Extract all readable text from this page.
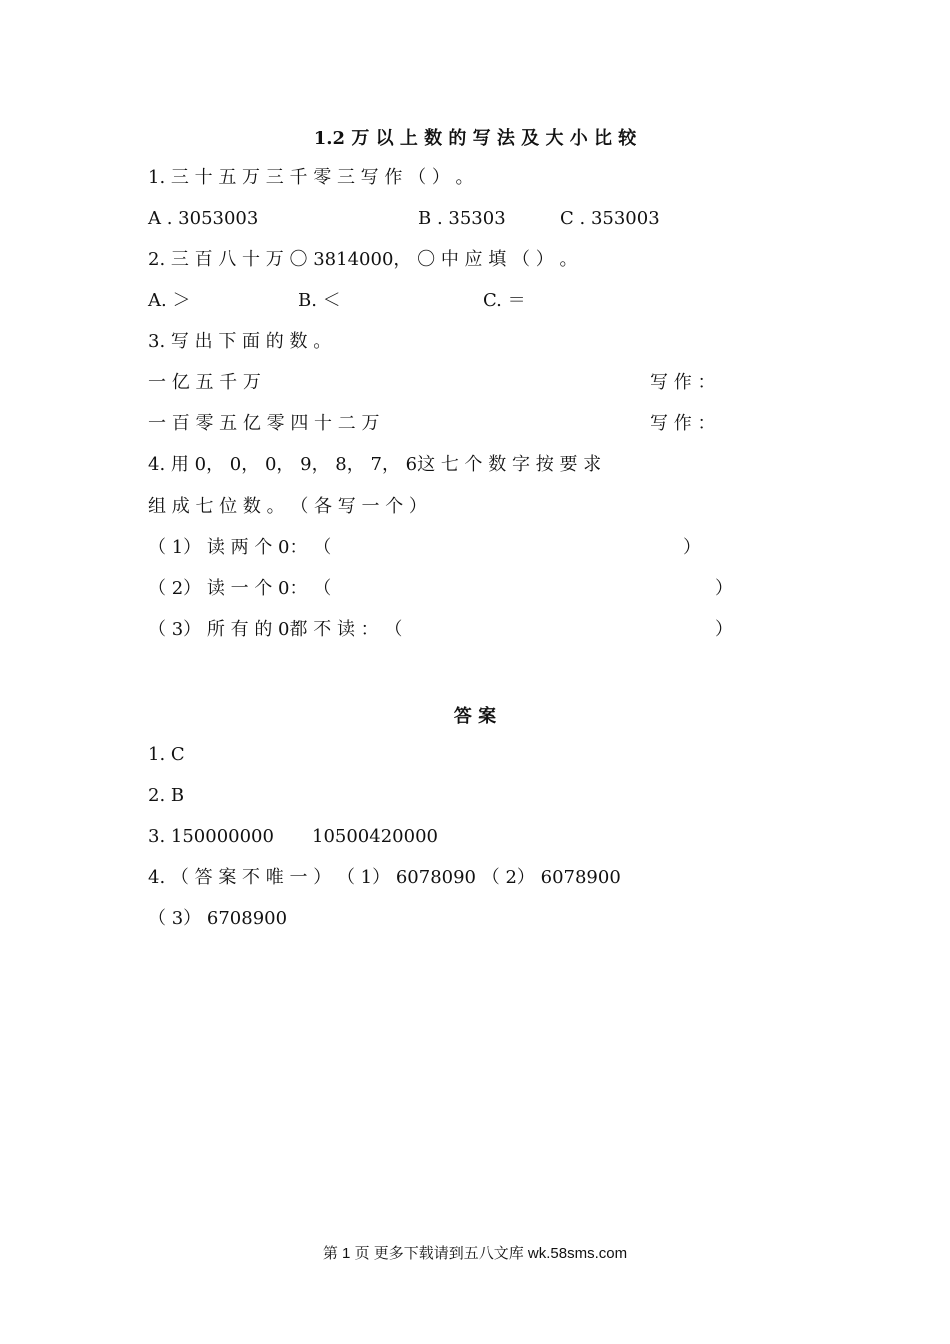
1.2 万 以 上 数 的 写 法 及 大 小 比 较
1. 三 十 五 万 三 千 零 三 写 作 （ ） 。
A . 3053003	B . 35303	C . 353003
2. 三 百 八 十 万 〇 3814000， 〇 中 应 填 （ ） 。
A. ＞	B. ＜	C. ＝
3. 写 出 下 面 的 数 。
一 亿 五 千 万	写 作 ：
一 百 零 五 亿 零 四 十 二 万	写 作 ：
4. 用 0， 0， 0， 9， 8， 7， 6这 七 个 数 字 按 要 求
组 成 七 位 数 。 （ 各 写 一 个 ）
（ 1） 读 两 个 0： （	）
（ 2） 读 一 个 0： （	）
（ 3） 所 有 的 0都 不 读 ： （	）
答 案
1. C
2. B
3. 150000000 10500420000
4. （ 答 案 不 唯 一 ） （ 1） 6078090 （ 2） 6078900
（ 3） 6708900
第 1 页 更多下载请到五八文库 wk.58sms.com
